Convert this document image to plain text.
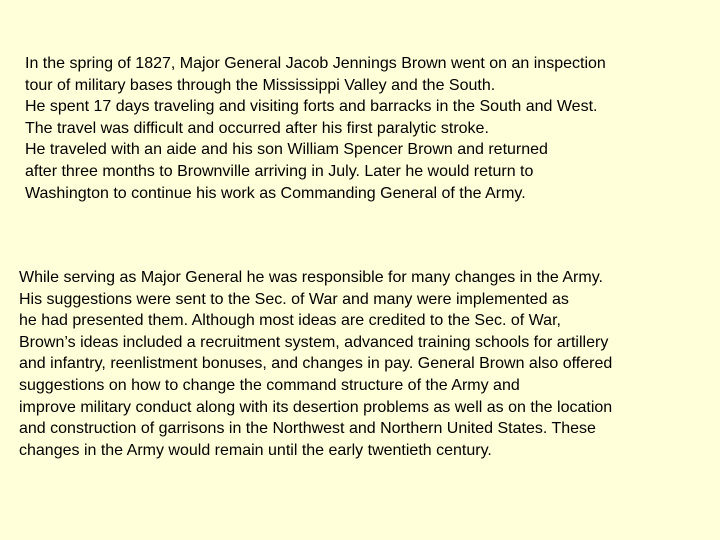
In the spring of 1827, Major General Jacob Jennings Brown went on an inspection
tour of military bases through the Mississippi Valley and the South.
He spent 17 days traveling and visiting forts and barracks in the South and West.
The travel was difficult and occurred after his first paralytic stroke.
He traveled with an aide and his son William Spencer Brown and returned
after three months to Brownville arriving in July. Later he would return to
Washington to continue his work as Commanding General of the Army.
While serving as Major General he was responsible for many changes in the Army.
His suggestions were sent to the Sec. of War and many were implemented as
he had presented them. Although most ideas are credited to the Sec. of War,
Brown’s ideas included a recruitment system, advanced training schools for artillery
and infantry, reenlistment bonuses, and changes in pay. General Brown also offered
suggestions on how to change the command structure of the Army and
improve military conduct along with its desertion problems as well as on the location
and construction of garrisons in the Northwest and Northern United States. These
changes in the Army would remain until the early twentieth century.
